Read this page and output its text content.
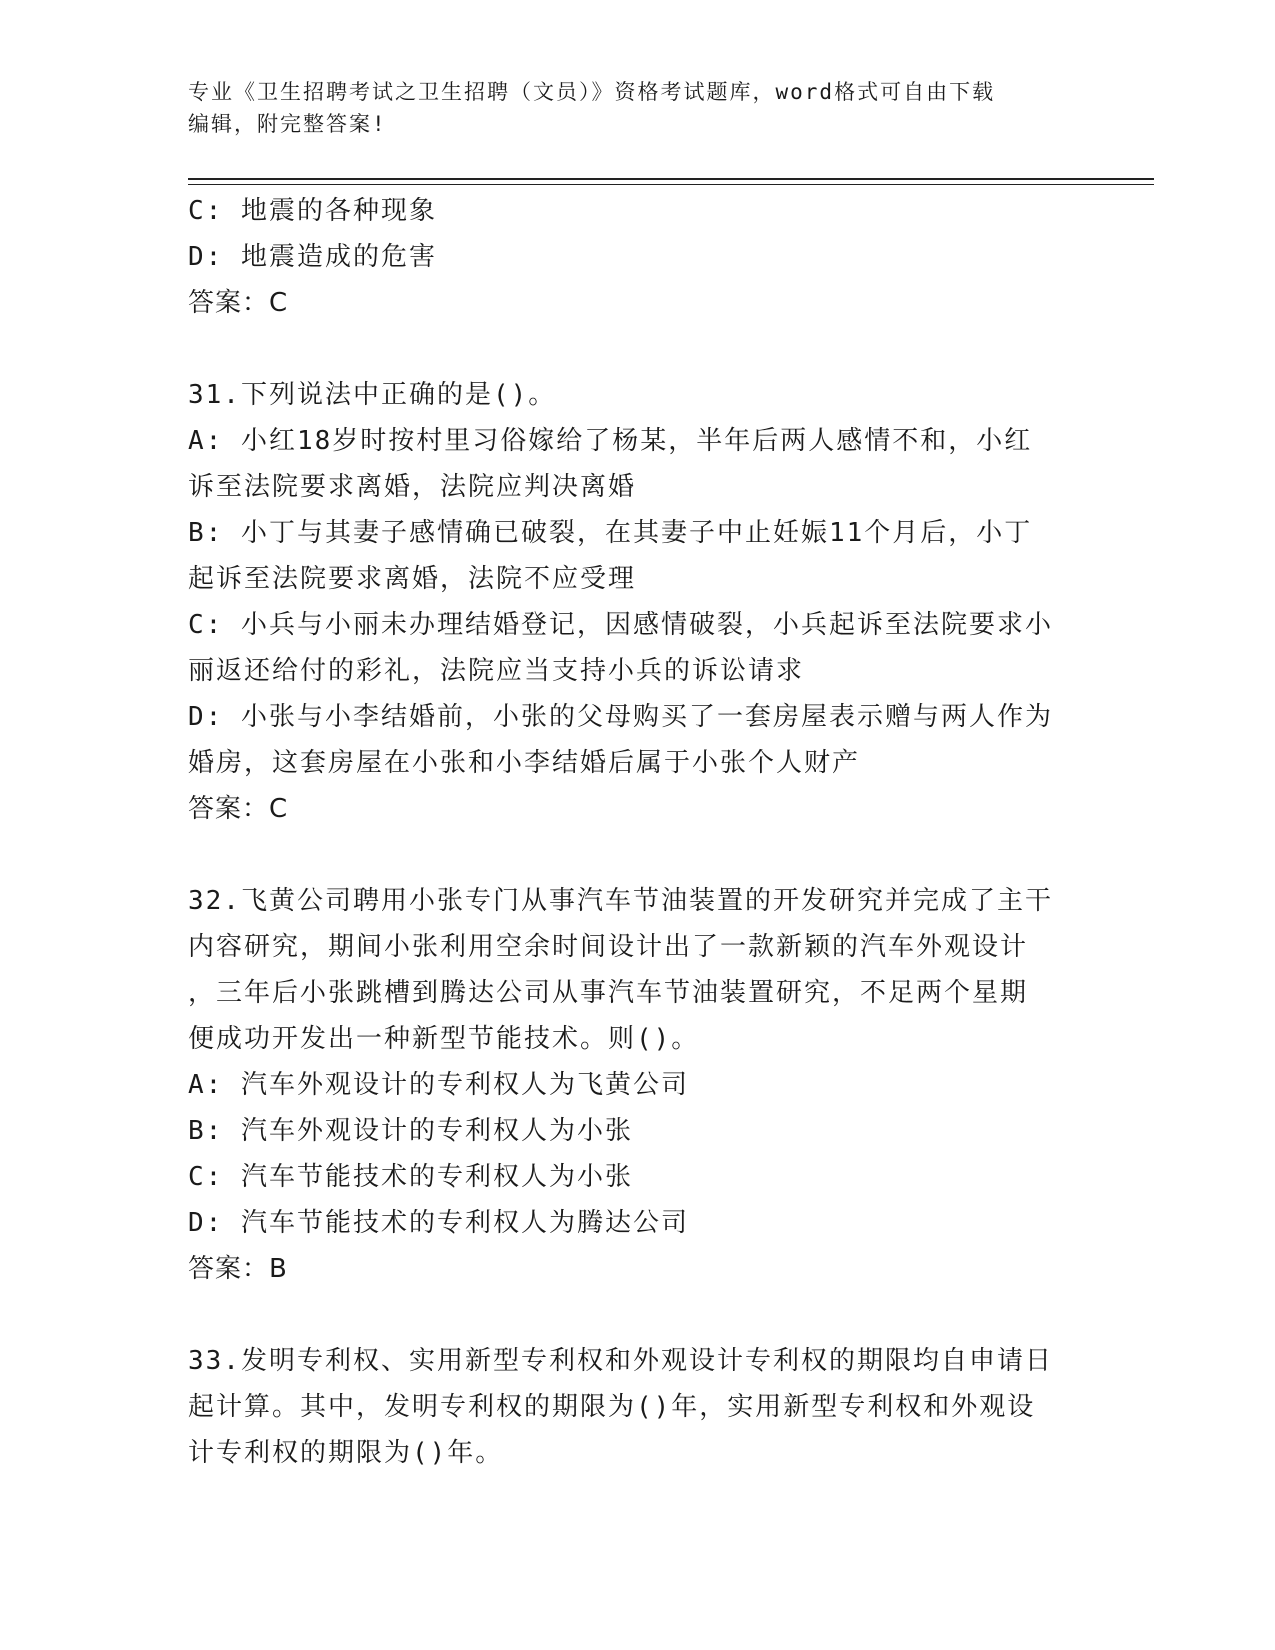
专业《卫生招聘考试之卫生招聘（文员）》资格考试题库，word格式可自由下载
编辑，附完整答案!
C: 地震的各种现象
D: 地震造成的危害
答案：C
31.下列说法中正确的是()。
A: 小红18岁时按村里习俗嫁给了杨某，半年后两人感情不和，小红
诉至法院要求离婚，法院应判决离婚
B: 小丁与其妻子感情确已破裂，在其妻子中止妊娠11个月后，小丁
起诉至法院要求离婚，法院不应受理
C: 小兵与小丽未办理结婚登记，因感情破裂，小兵起诉至法院要求小
丽返还给付的彩礼，法院应当支持小兵的诉讼请求
D: 小张与小李结婚前，小张的父母购买了一套房屋表示赠与两人作为
婚房，这套房屋在小张和小李结婚后属于小张个人财产
答案：C
32.飞黄公司聘用小张专门从事汽车节油装置的开发研究并完成了主干
内容研究，期间小张利用空余时间设计出了一款新颖的汽车外观设计
，三年后小张跳槽到腾达公司从事汽车节油装置研究，不足两个星期
便成功开发出一种新型节能技术。则()。
A: 汽车外观设计的专利权人为飞黄公司
B: 汽车外观设计的专利权人为小张
C: 汽车节能技术的专利权人为小张
D: 汽车节能技术的专利权人为腾达公司
答案：B
33.发明专利权、实用新型专利权和外观设计专利权的期限均自申请日
起计算。其中，发明专利权的期限为()年，实用新型专利权和外观设
计专利权的期限为()年。
